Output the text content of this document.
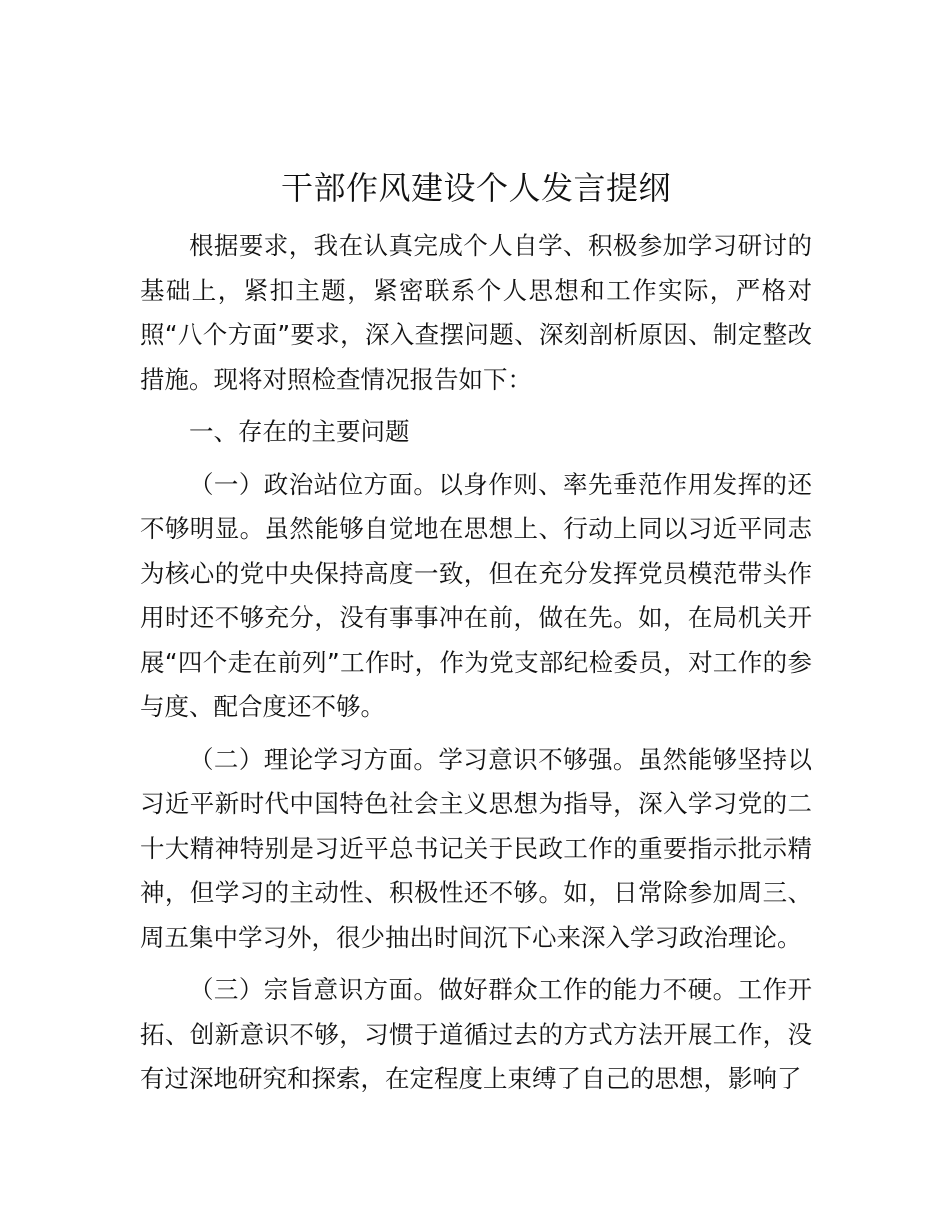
干部作风建设个人发言提纲

根据要求，我在认真完成个人自学、积极参加学习研讨的基础上，紧扣主题，紧密联系个人思想和工作实际，严格对照“八个方面”要求，深入查摆问题、深刻剖析原因、制定整改措施。现将对照检查情况报告如下：

一、存在的主要问题

（一）政治站位方面。以身作则、率先垂范作用发挥的还不够明显。虽然能够自觉地在思想上、行动上同以习近平同志为核心的党中央保持高度一致，但在充分发挥党员模范带头作用时还不够充分，没有事事冲在前，做在先。如，在局机关开展“四个走在前列”工作时，作为党支部纪检委员，对工作的参与度、配合度还不够。

（二）理论学习方面。学习意识不够强。虽然能够坚持以习近平新时代中国特色社会主义思想为指导，深入学习党的二十大精神特别是习近平总书记关于民政工作的重要指示批示精神，但学习的主动性、积极性还不够。如，日常除参加周三、周五集中学习外，很少抽出时间沉下心来深入学习政治理论。

（三）宗旨意识方面。做好群众工作的能力不硬。工作开拓、创新意识不够，习惯于道循过去的方式方法开展工作，没有过深地研究和探索，在定程度上束缚了自己的思想，影响了
